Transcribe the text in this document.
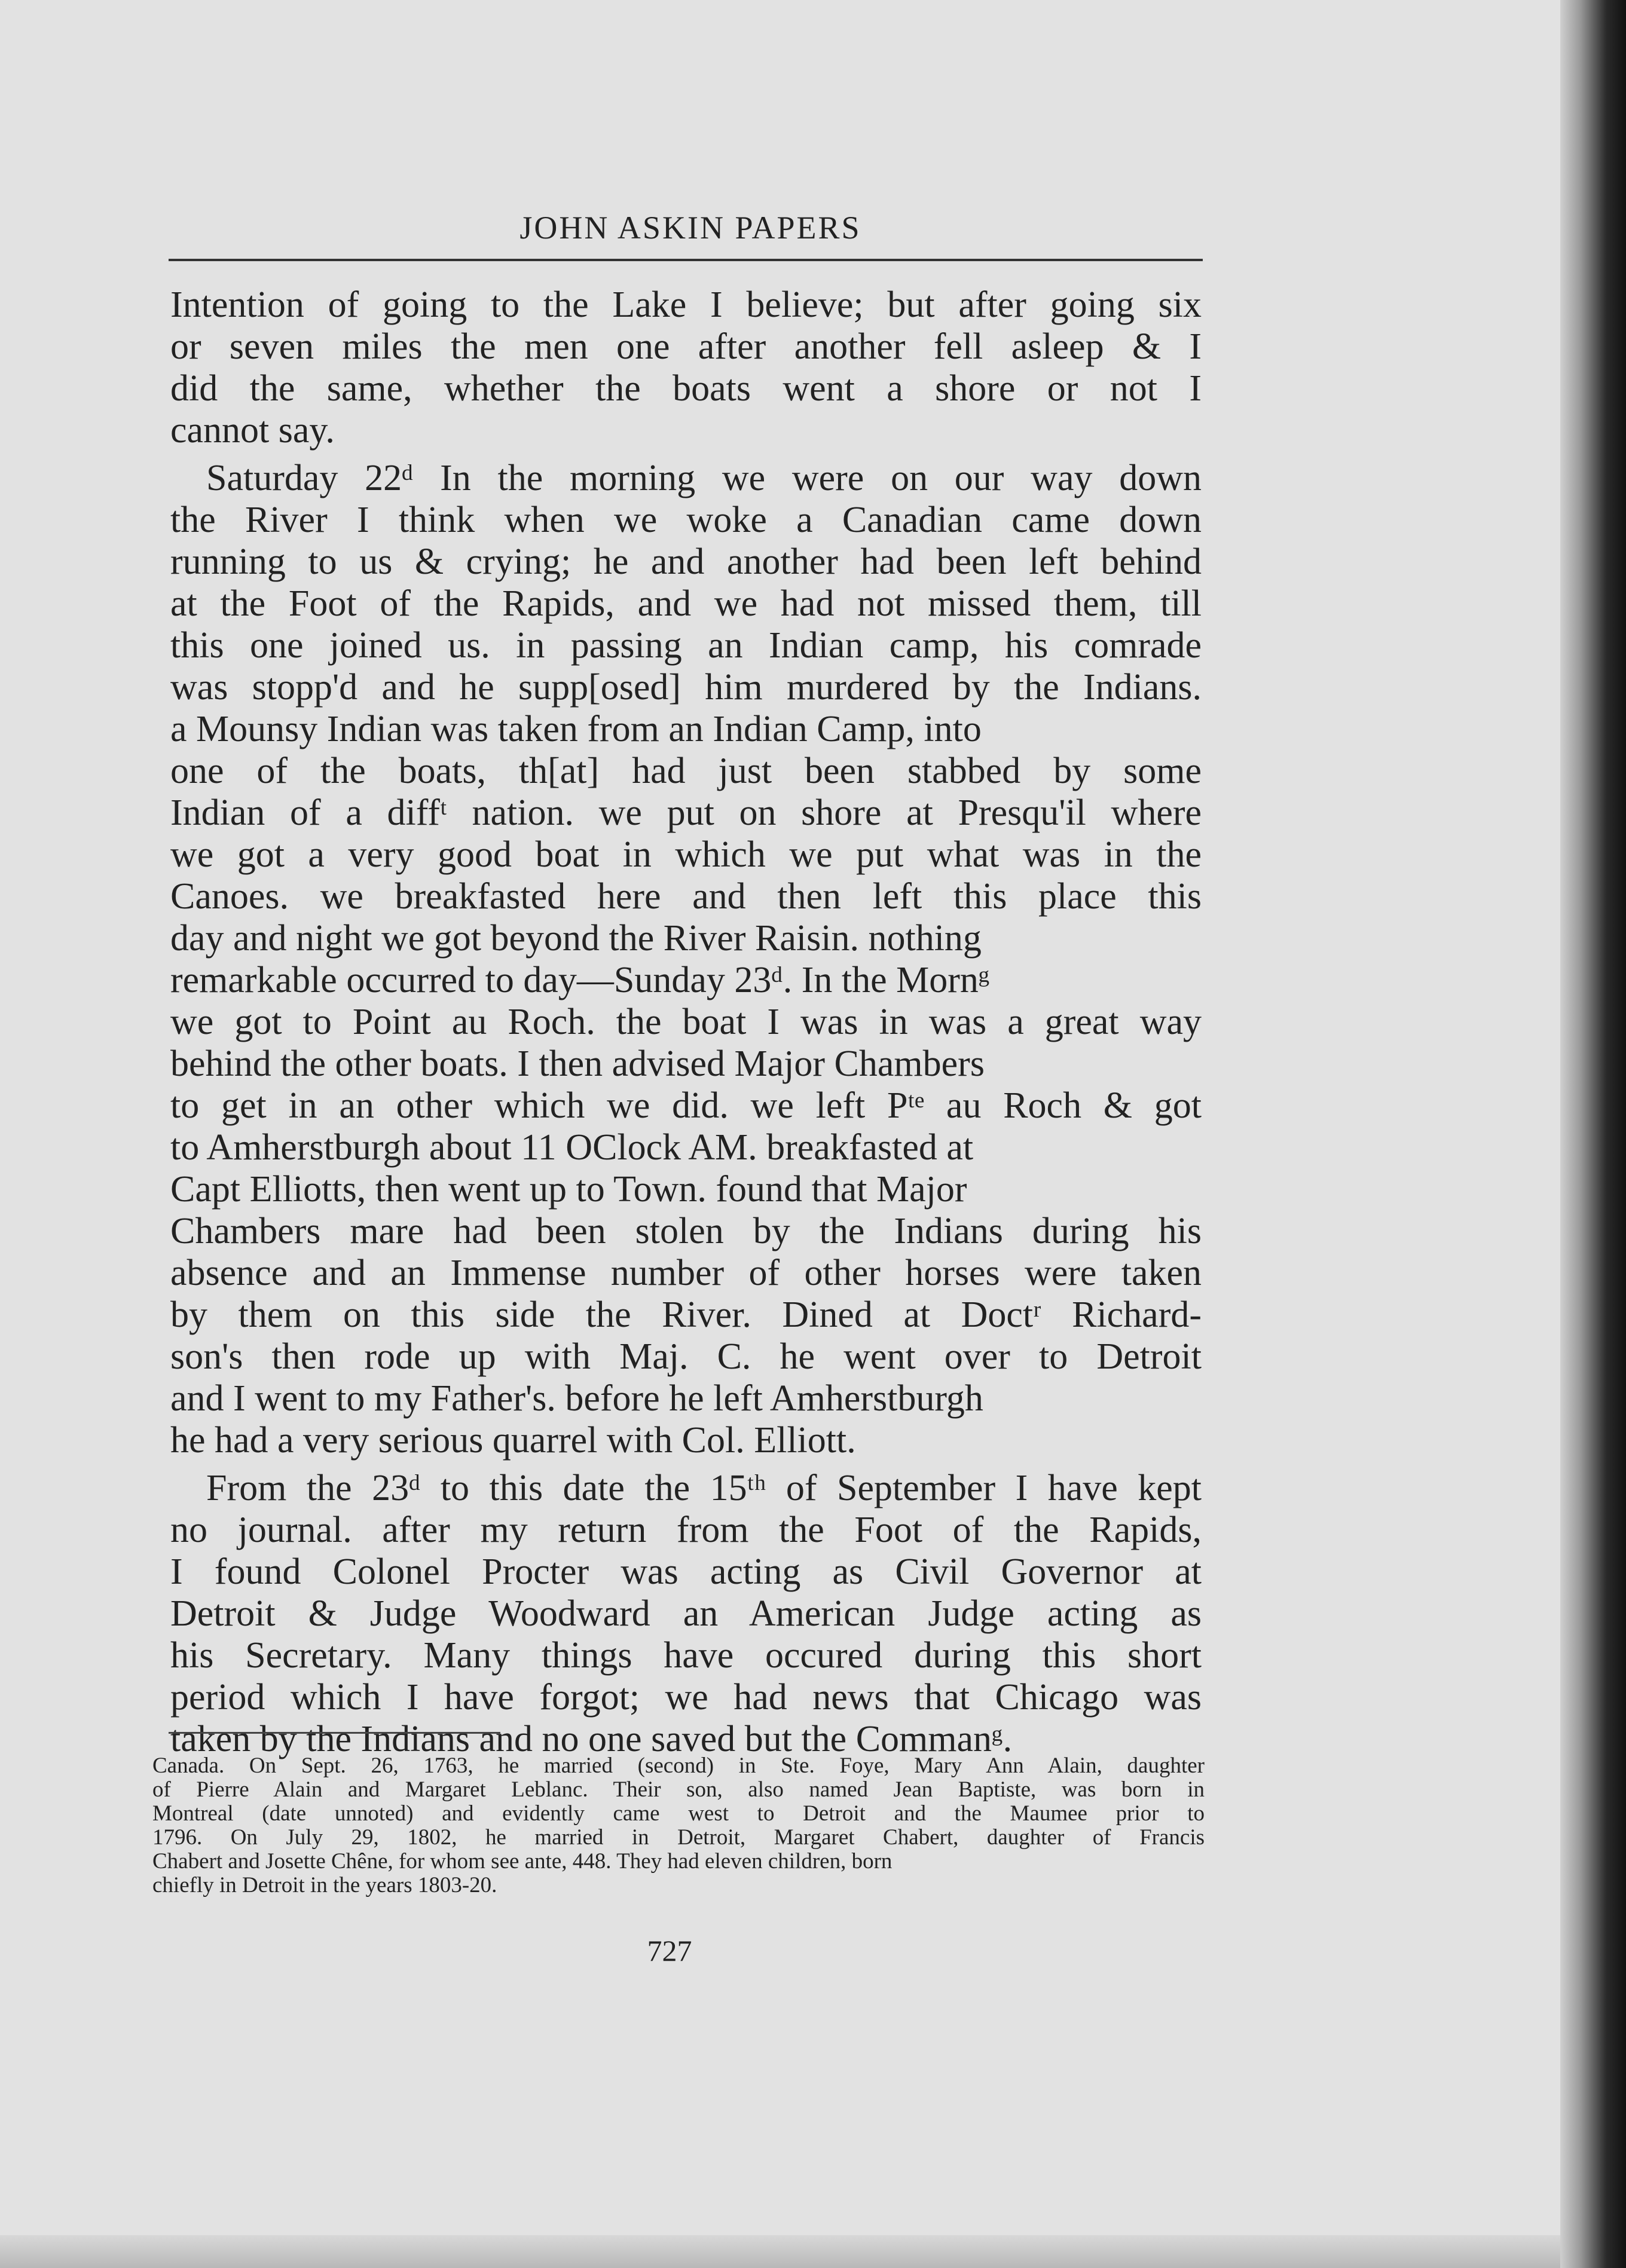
JOHN ASKIN PAPERS
Intention of going to the Lake I believe; but after going six
or seven miles the men one after another fell asleep & I
did the same, whether the boats went a shore or not I
cannot say.
Saturday 22ᵈ In the morning we were on our way down
the River I think when we woke a Canadian came down
running to us & crying; he and another had been left behind
at the Foot of the Rapids, and we had not missed them, till
this one joined us. in passing an Indian camp, his comrade
was stopp'd and he supp[osed] him murdered by the Indians.
a Mounsy Indian was taken from an Indian Camp, into
one of the boats, th[at] had just been stabbed by some
Indian of a diffᵗ nation. we put on shore at Presqu'il where
we got a very good boat in which we put what was in the
Canoes. we breakfasted here and then left this place this
day and night we got beyond the River Raisin. nothing
remarkable occurred to day—Sunday 23ᵈ. In the Mornᵍ
we got to Point au Roch. the boat I was in was a great way
behind the other boats. I then advised Major Chambers
to get in an other which we did. we left Pᵗᵉ au Roch & got
to Amherstburgh about 11 OClock AM. breakfasted at
Capt Elliotts, then went up to Town. found that Major
Chambers mare had been stolen by the Indians during his
absence and an Immense number of other horses were taken
by them on this side the River. Dined at Doctʳ Richard-
son's then rode up with Maj. C. he went over to Detroit
and I went to my Father's. before he left Amherstburgh
he had a very serious quarrel with Col. Elliott.
From the 23ᵈ to this date the 15ᵗʰ of September I have kept
no journal. after my return from the Foot of the Rapids,
I found Colonel Procter was acting as Civil Governor at
Detroit & Judge Woodward an American Judge acting as
his Secretary. Many things have occured during this short
period which I have forgot; we had news that Chicago was
taken by the Indians and no one saved but the Commanᵍ.
Canada. On Sept. 26, 1763, he married (second) in Ste. Foye, Mary Ann Alain, daughter
of Pierre Alain and Margaret Leblanc. Their son, also named Jean Baptiste, was born in
Montreal (date unnoted) and evidently came west to Detroit and the Maumee prior to
1796. On July 29, 1802, he married in Detroit, Margaret Chabert, daughter of Francis
Chabert and Josette Chêne, for whom see ante, 448. They had eleven children, born
chiefly in Detroit in the years 1803-20.
727
